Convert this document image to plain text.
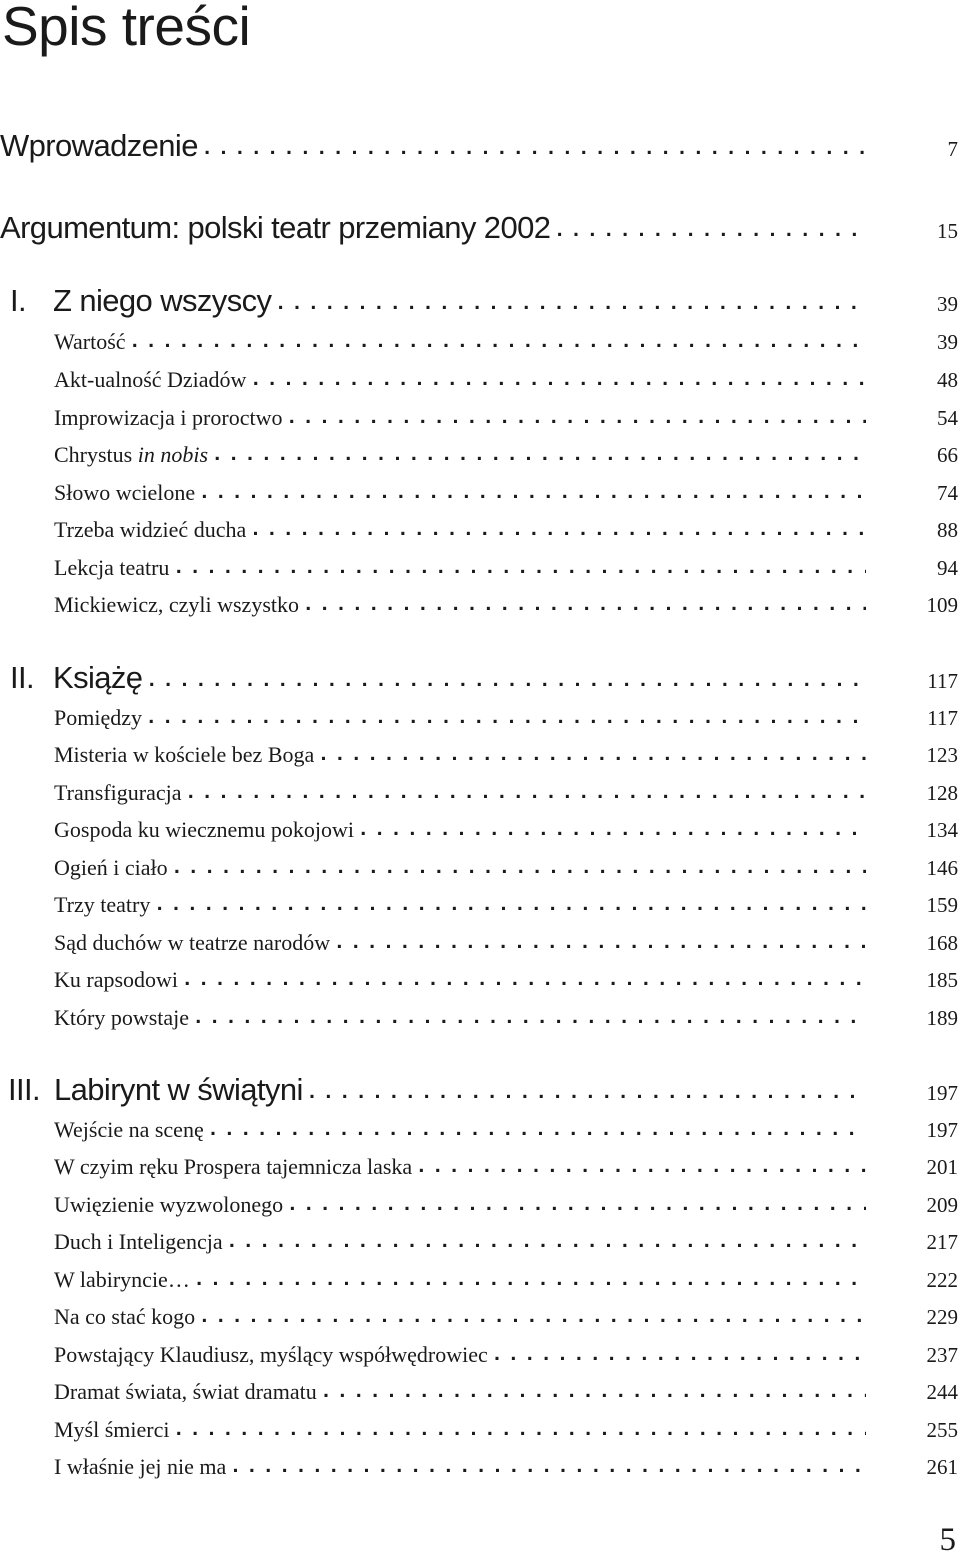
Spis treści
Wprowadzenie . . .	7
Argumentum: polski teatr przemiany 2002 . . .	15
I. Z niego wszyscy . . .	39
Wartość . . .	39
Akt-ualność Dziadów . . .	48
Improwizacja i proroctwo . . .	54
Chrystus in nobis . . .	66
Słowo wcielone . . .	74
Trzeba widzieć ducha . . .	88
Lekcja teatru . . .	94
Mickiewicz, czyli wszystko . . .	109
II. Książę . . .	117
Pomiędzy . . .	117
Misteria w kościele bez Boga . . .	123
Transfiguracja . . .	128
Gospoda ku wiecznemu pokojowi . . .	134
Ogień i ciało . . .	146
Trzy teatry . . .	159
Sąd duchów w teatrze narodów . . .	168
Ku rapsodowi . . .	185
Który powstaje . . .	189
III. Labirynt w świątyni . . .	197
Wejście na scenę . . .	197
W czyim ręku Prospera tajemnicza laska . . .	201
Uwięzienie wyzwolonego . . .	209
Duch i Inteligencja . . .	217
W labiryncie… . . .	222
Na co stać kogo . . .	229
Powstający Klaudiusz, myślący współwędrowiec . . .	237
Dramat świata, świat dramatu . . .	244
Myśl śmierci . . .	255
I właśnie jej nie ma . . .	261

5
